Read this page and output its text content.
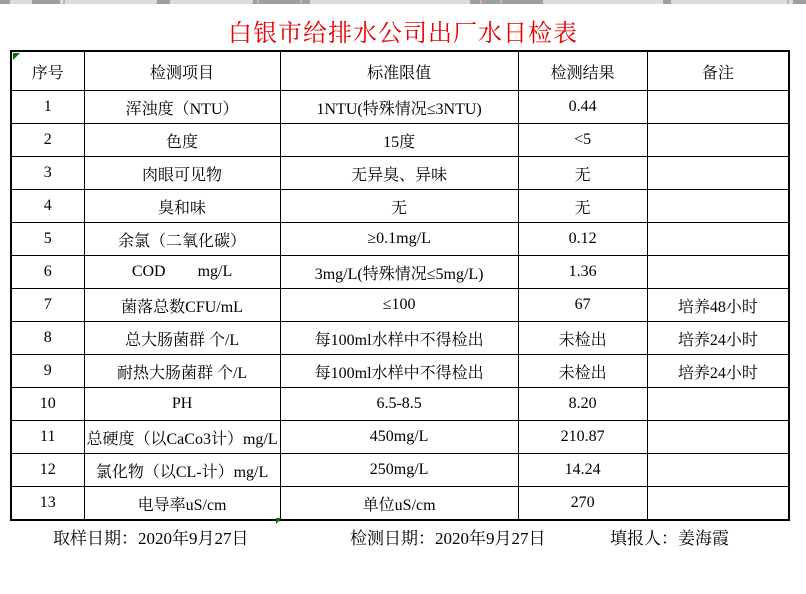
白银市给排水公司出厂水日检表
序号	检测项目	标准限值	检测结果	备注
1	浑浊度（NTU）	1NTU(特殊情况≤3NTU)	0.44	
2	色度	15度	<5	
3	肉眼可见物	无异臭、异味	无	
4	臭和味	无	无	
5	余氯（二氧化碳）	≥0.1mg/L	0.12	
6	COD        mg/L	3mg/L(特殊情况≤5mg/L)	1.36	
7	菌落总数CFU/mL	≤100	67	培养48小时
8	总大肠菌群 个/L	每100ml水样中不得检出	未检出	培养24小时
9	耐热大肠菌群 个/L	每100ml水样中不得检出	未检出	培养24小时
10	PH	6.5-8.5	8.20	
11	总硬度（以CaCo3计）mg/L	450mg/L	210.87	
12	氯化物（以CL-计）mg/L	250mg/L	14.24	
13	电导率uS/cm	单位uS/cm	270	
取样日期：2020年9月27日	检测日期：2020年9月27日	填报人：姜海霞
